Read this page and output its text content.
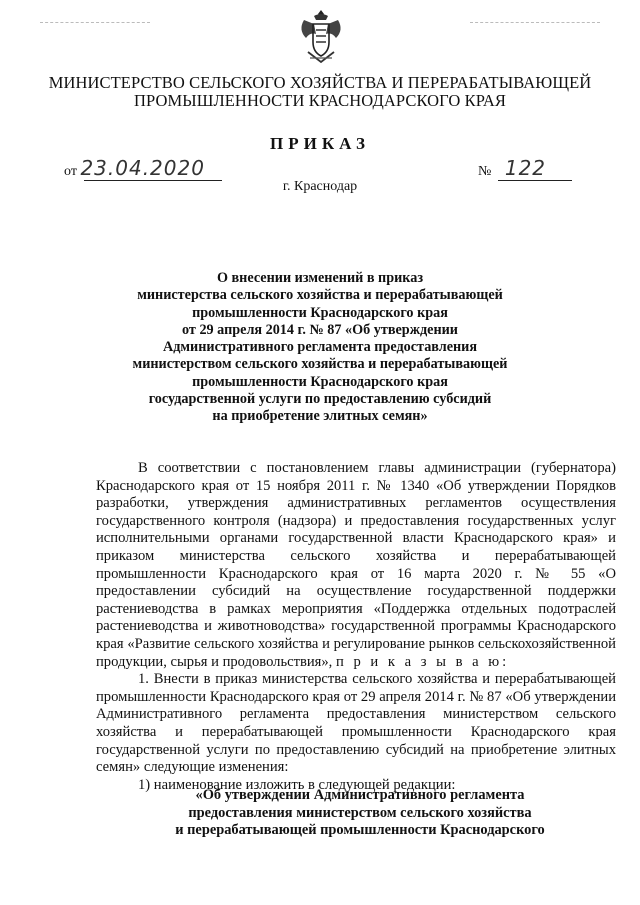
МИНИСТЕРСТВО СЕЛЬСКОГО ХОЗЯЙСТВА И ПЕРЕРАБАТЫВАЮЩЕЙ
ПРОМЫШЛЕННОСТИ КРАСНОДАРСКОГО КРАЯ
ПРИКАЗ
от 23.04.2020	№ 122
г. Краснодар
О внесении изменений в приказ
министерства сельского хозяйства и перерабатывающей
промышленности Краснодарского края
от 29 апреля 2014 г. № 87 «Об утверждении
Административного регламента предоставления
министерством сельского хозяйства и перерабатывающей
промышленности Краснодарского края
государственной услуги по предоставлению субсидий
на приобретение элитных семян»

В соответствии с постановлением главы администрации (губернатора) Краснодарского края от 15 ноября 2011 г. № 1340 «Об утверждении Порядков разработки, утверждения административных регламентов осуществления государственного контроля (надзора) и предоставления государственных услуг исполнительными органами государственной власти Краснодарского края» и приказом министерства сельского хозяйства и перерабатывающей промышленности Краснодарского края от 16 марта 2020 г. № 55 «О предоставлении субсидий на осуществление государственной поддержки растениеводства в рамках мероприятия «Поддержка отдельных подотраслей растениеводства и животноводства» государственной программы Краснодарского края «Развитие сельского хозяйства и регулирование рынков сельскохозяйственной продукции, сырья и продовольствия», п р и к а з ы в а ю:

1. Внести в приказ министерства сельского хозяйства и перерабатывающей промышленности Краснодарского края от 29 апреля 2014 г. № 87 «Об утверждении Административного регламента предоставления министерством сельского хозяйства и перерабатывающей промышленности Краснодарского края государственной услуги по предоставлению субсидий на приобретение элитных семян» следующие изменения:

1) наименование изложить в следующей редакции:

«Об утверждении Административного регламента
предоставления министерством сельского хозяйства
и перерабатывающей промышленности Краснодарского
